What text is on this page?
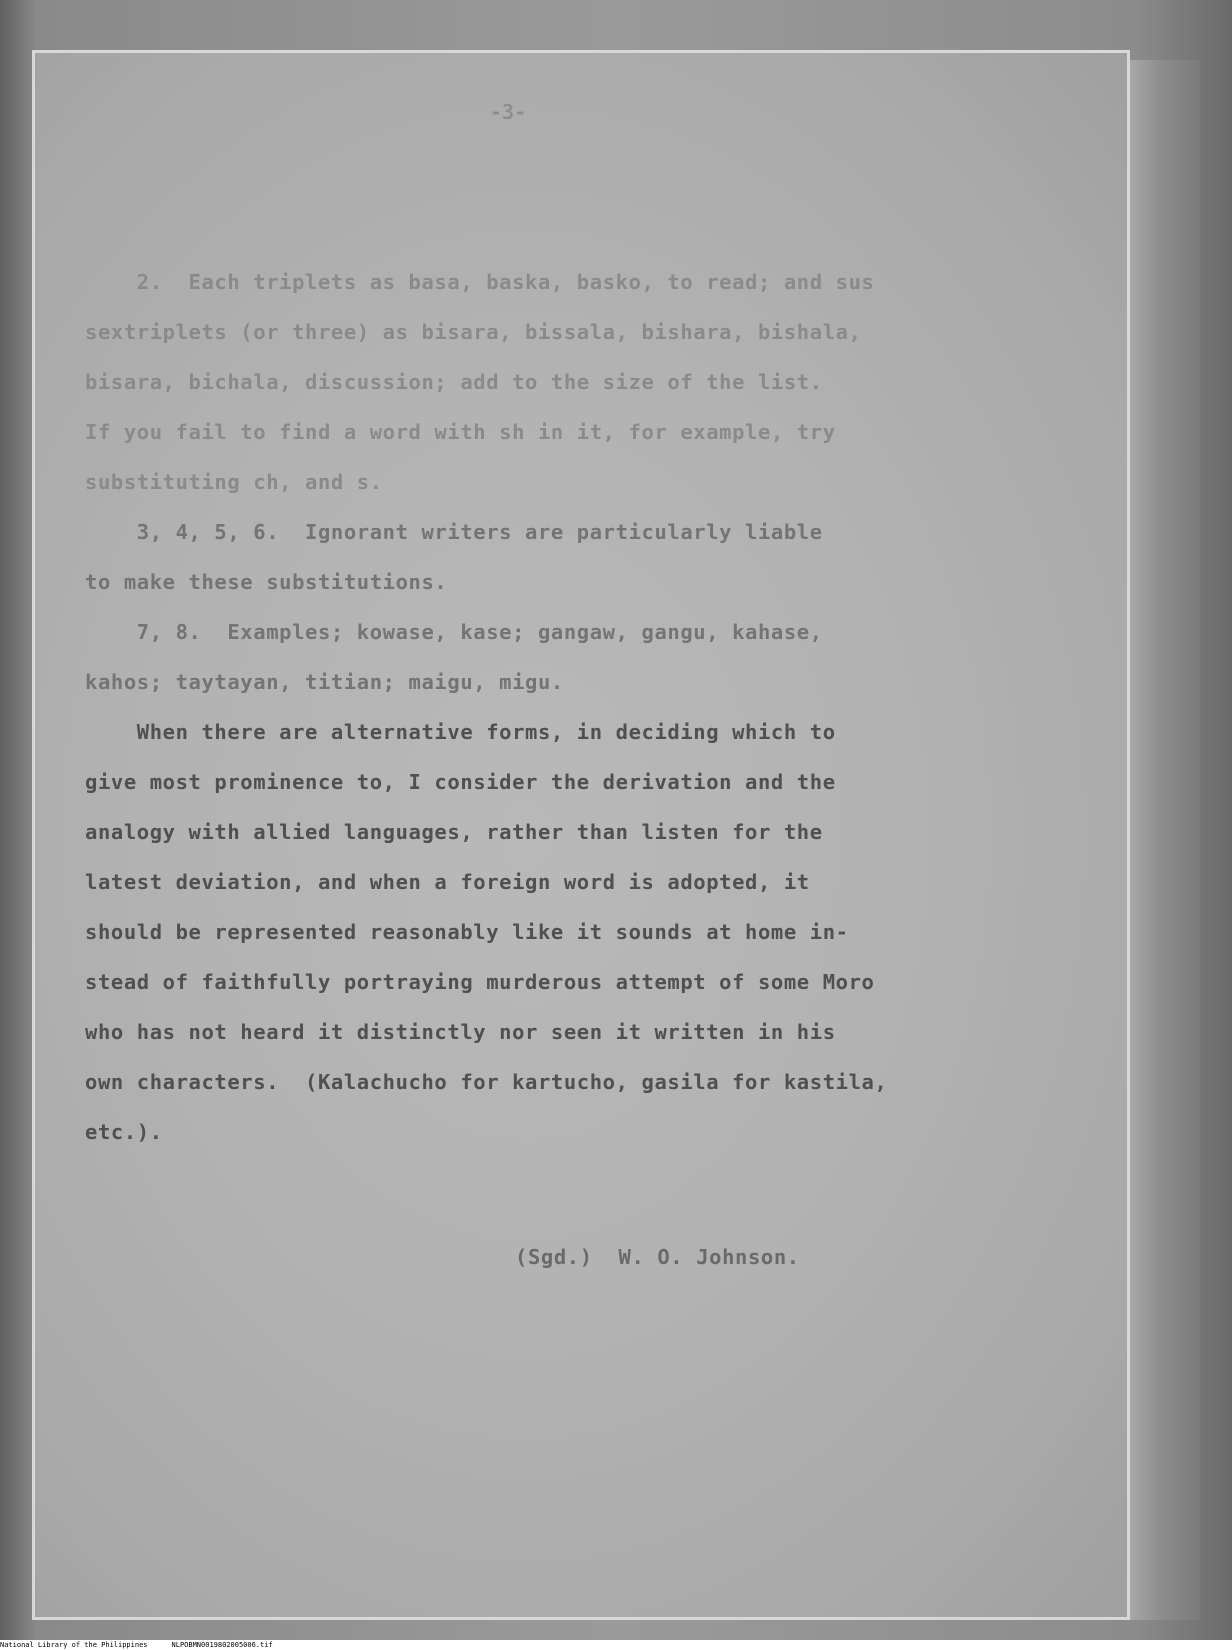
-3-
2.  Each triplets as basa, baska, basko, to read; and sus
sextriplets (or three) as bisara, bissala, bishara, bishala,
bisara, bichala, discussion; add to the size of the list.
If you fail to find a word with sh in it, for example, try
substituting ch, and s.
3, 4, 5, 6.  Ignorant writers are particularly liable
to make these substitutions.
7, 8.  Examples; kowase, kase; gangaw, gangu, kahase,
kahos; taytayan, titian; maigu, migu.
When there are alternative forms, in deciding which to
give most prominence to, I consider the derivation and the
analogy with allied languages, rather than listen for the
latest deviation, and when a foreign word is adopted, it
should be represented reasonably like it sounds at home in-
stead of faithfully portraying murderous attempt of some Moro
who has not heard it distinctly nor seen it written in his
own characters.  (Kalachucho for kartucho, gasila for kastila,
etc.).
(Sgd.)  W. O. Johnson.
National Library of the Philippines	NLPOBMN0019802005006.tif
